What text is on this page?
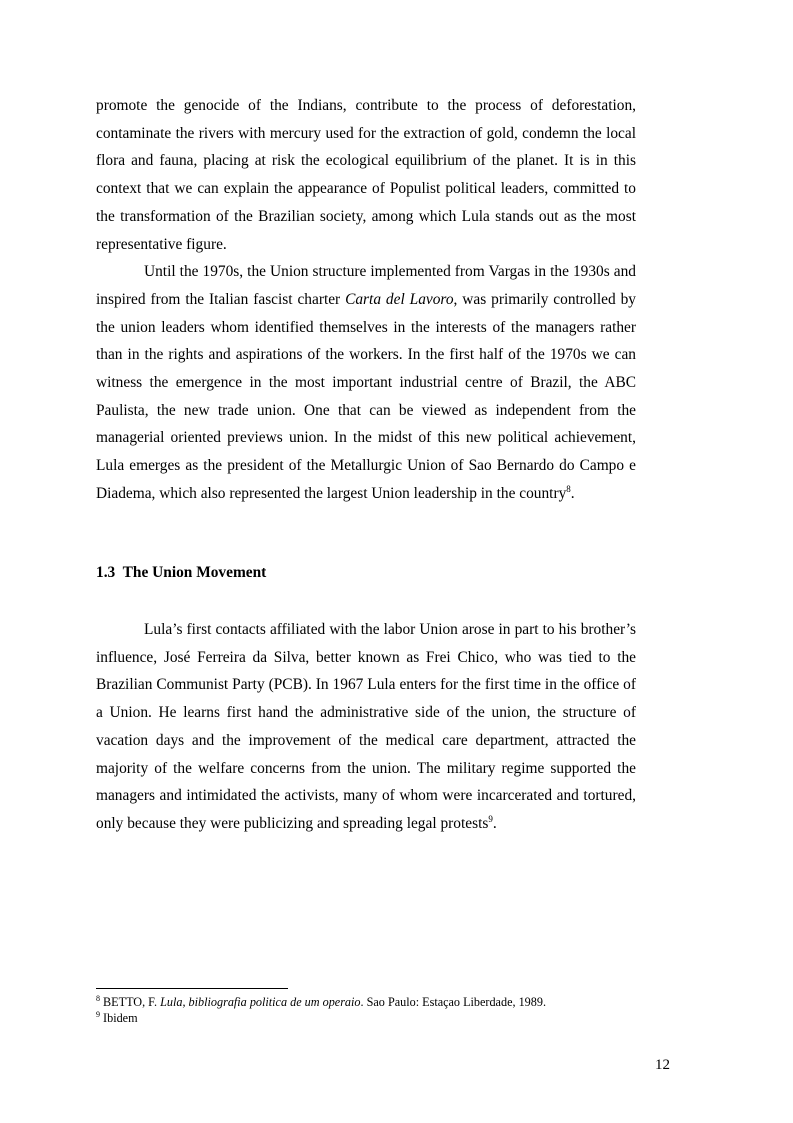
promote the genocide of the Indians, contribute to the process of deforestation, contaminate the rivers with mercury used for the extraction of gold, condemn the local flora and fauna, placing at risk the ecological equilibrium of the planet. It is in this context that we can explain the appearance of Populist political leaders, committed to the transformation of the Brazilian society, among which Lula stands out as the most representative figure.

Until the 1970s, the Union structure implemented from Vargas in the 1930s and inspired from the Italian fascist charter Carta del Lavoro, was primarily controlled by the union leaders whom identified themselves in the interests of the managers rather than in the rights and aspirations of the workers. In the first half of the 1970s we can witness the emergence in the most important industrial centre of Brazil, the ABC Paulista, the new trade union. One that can be viewed as independent from the managerial oriented previews union. In the midst of this new political achievement, Lula emerges as the president of the Metallurgic Union of Sao Bernardo do Campo e Diadema, which also represented the largest Union leadership in the country$^8$.

1.3  The Union Movement

Lula’s first contacts affiliated with the labor Union arose in part to his brother’s influence, José Ferreira da Silva, better known as Frei Chico, who was tied to the Brazilian Communist Party (PCB). In 1967 Lula enters for the first time in the office of a Union. He learns first hand the administrative side of the union, the structure of vacation days and the improvement of the medical care department, attracted the majority of the welfare concerns from the union. The military regime supported the managers and intimidated the activists, many of whom were incarcerated and tortured, only because they were publicizing and spreading legal protests$^9$.

$^8$ BETTO, F. Lula, bibliografia politica de um operaio. Sao Paulo: Estaçao Liberdade, 1989.

$^9$ Ibidem

12
